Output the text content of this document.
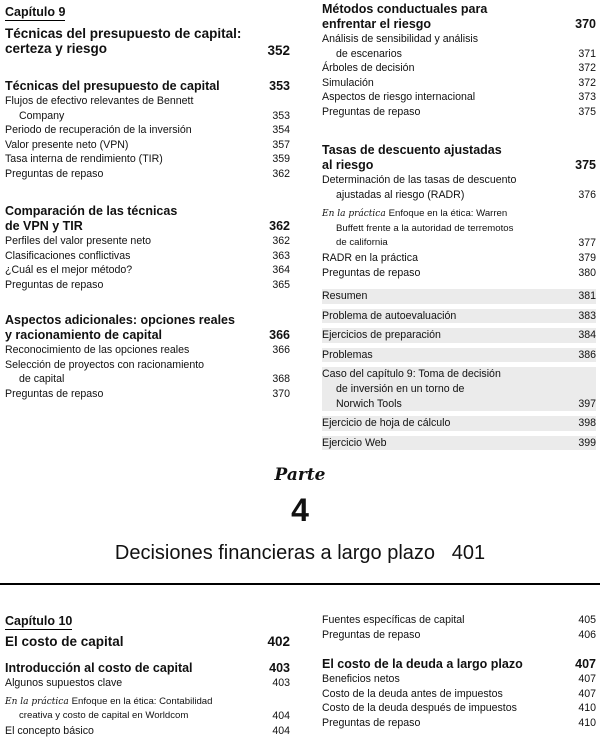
Capítulo 9
Técnicas del presupuesto de capital: certeza y riesgo	352
Técnicas del presupuesto de capital	353
Flujos de efectivo relevantes de Bennett
Company	353
Periodo de recuperación de la inversión	354
Valor presente neto (VPN)	357
Tasa interna de rendimiento (TIR)	359
Preguntas de repaso	362
Comparación de las técnicas
de VPN y TIR	362
Perfiles del valor presente neto	362
Clasificaciones conflictivas	363
¿Cuál es el mejor método?	364
Preguntas de repaso	365
Aspectos adicionales: opciones reales
y racionamiento de capital	366
Reconocimiento de las opciones reales	366
Selección de proyectos con racionamiento
de capital	368
Preguntas de repaso	370
Métodos conductuales para
enfrentar el riesgo	370
Análisis de sensibilidad y análisis
de escenarios	371
Árboles de decisión	372
Simulación	372
Aspectos de riesgo internacional	373
Preguntas de repaso	375
Tasas de descuento ajustadas
al riesgo	375
Determinación de las tasas de descuento
ajustadas al riesgo (RADR)	376
En la práctica Enfoque en la ética: Warren
Buffett frente a la autoridad de terremotos
de california	377
RADR en la práctica	379
Preguntas de repaso	380
Resumen	381
Problema de autoevaluación	383
Ejercicios de preparación	384
Problemas	386
Caso del capítulo 9: Toma de decisión
de inversión en un torno de
Norwich Tools	397
Ejercicio de hoja de cálculo	398
Ejercicio Web	399
Parte
4
Decisiones financieras a largo plazo 401
Capítulo 10
El costo de capital	402
Introducción al costo de capital	403
Algunos supuestos clave	403
En la práctica Enfoque en la ética: Contabilidad
creativa y costo de capital en Worldcom	404
El concepto básico	404
Fuentes específicas de capital	405
Preguntas de repaso	406
El costo de la deuda a largo plazo	407
Beneficios netos	407
Costo de la deuda antes de impuestos	407
Costo de la deuda después de impuestos	410
Preguntas de repaso	410
